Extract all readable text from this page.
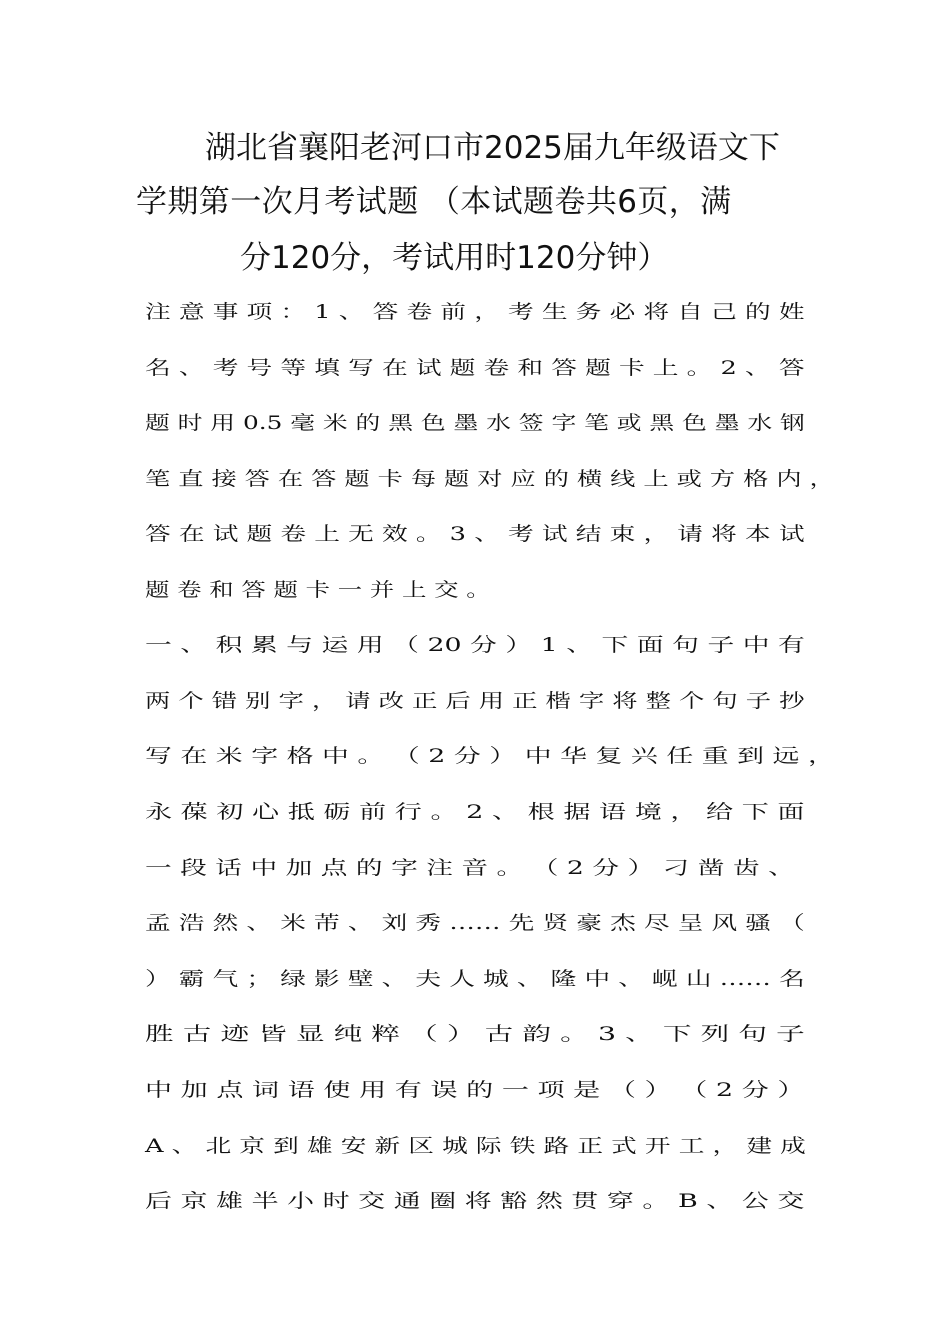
湖北省襄阳老河口市2025届九年级语文下
学期第一次月考试题 （本试题卷共6页，满
分120分，考试用时120分钟）
注 意 事 项 ： 1 、 答 卷 前 ， 考 生 务 必 将 自 己 的 姓
名 、 考 号 等 填 写 在 试 题 卷 和 答 题 卡 上 。 2 、 答
题 时 用 0.5 毫 米 的 黑 色 墨 水 签 字 笔 或 黑 色 墨 水 钢
笔 直 接 答 在 答 题 卡 每 题 对 应 的 横 线 上 或 方 格 内 ，
答 在 试 题 卷 上 无 效 。 3 、 考 试 结 束 ， 请 将 本 试
题 卷 和 答 题 卡 一 并 上 交 。
一 、 积 累 与 运 用 （ 20 分 ） 1 、 下 面 句 子 中 有
两 个 错 别 字 ， 请 改 正 后 用 正 楷 字 将 整 个 句 子 抄
写 在 米 字 格 中 。 （ 2 分 ） 中 华 复 兴 任 重 到 远 ，
永 葆 初 心 抵 砺 前 行 。 2 、 根 据 语 境 ， 给 下 面
一 段 话 中 加 点 的 字 注 音 。 （ 2 分 ） 刁 凿 齿 、
孟 浩 然 、 米 芾 、 刘 秀 …… 先 贤 豪 杰 尽 呈 风 骚 （
） 霸 气 ； 绿 影 壁 、 夫 人 城 、 隆 中 、 岘 山 …… 名
胜 古 迹 皆 显 纯 粹 （ ） 古 韵 。 3 、 下 列 句 子
中 加 点 词 语 使 用 有 误 的 一 项 是 （ ） （ 2 分 ）
A 、 北 京 到 雄 安 新 区 城 际 铁 路 正 式 开 工 ， 建 成
后 京 雄 半 小 时 交 通 圈 将 豁 然 贯 穿 。 B 、 公 交
